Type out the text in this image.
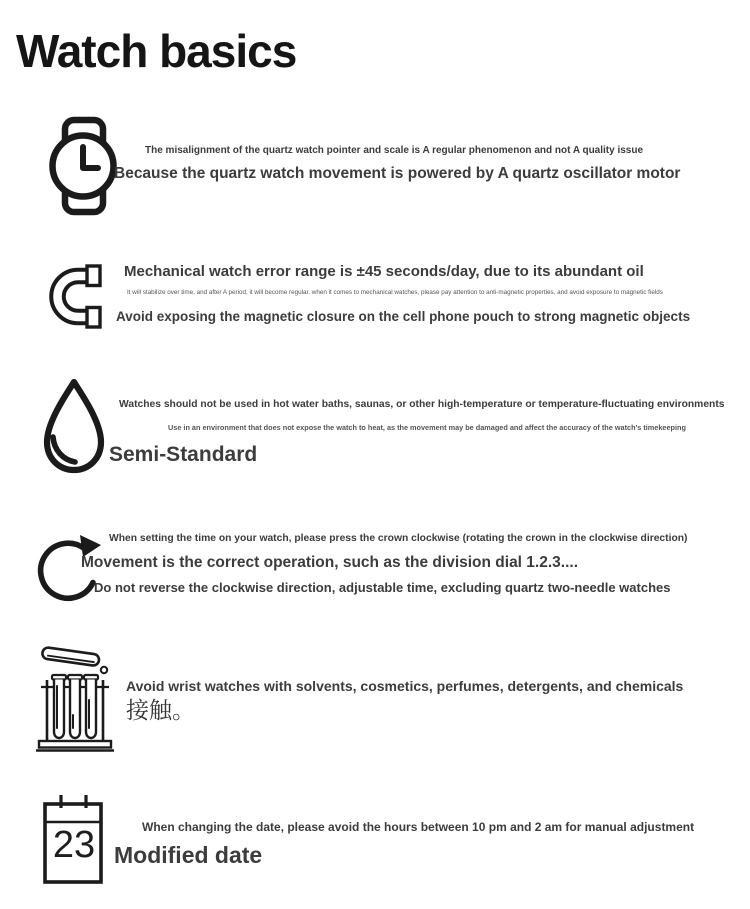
Watch basics
The misalignment of the quartz watch pointer and scale is A regular phenomenon and not A quality issue
Because the quartz watch movement is powered by A quartz oscillator motor
Mechanical watch error range is ±45 seconds/day, due to its abundant oil
It will stabilize over time, and after A period, it will become regular. when it comes to mechanical watches, please pay attention to anti-magnetic properties, and avoid exposure to magnetic fields
Avoid exposing the magnetic closure on the cell phone pouch to strong magnetic objects
Watches should not be used in hot water baths, saunas, or other high-temperature or temperature-fluctuating environments
Use in an environment that does not expose the watch to heat, as the movement may be damaged and affect the accuracy of the watch's timekeeping
Semi-Standard
When setting the time on your watch, please press the crown clockwise (rotating the crown in the clockwise direction)
Movement is the correct operation, such as the division dial 1.2.3....
Do not reverse the clockwise direction, adjustable time, excluding quartz two-needle watches
Avoid wrist watches with solvents, cosmetics, perfumes, detergents, and chemicals
接触。
23	When changing the date, please avoid the hours between 10 pm and 2 am for manual adjustment
Modified date
